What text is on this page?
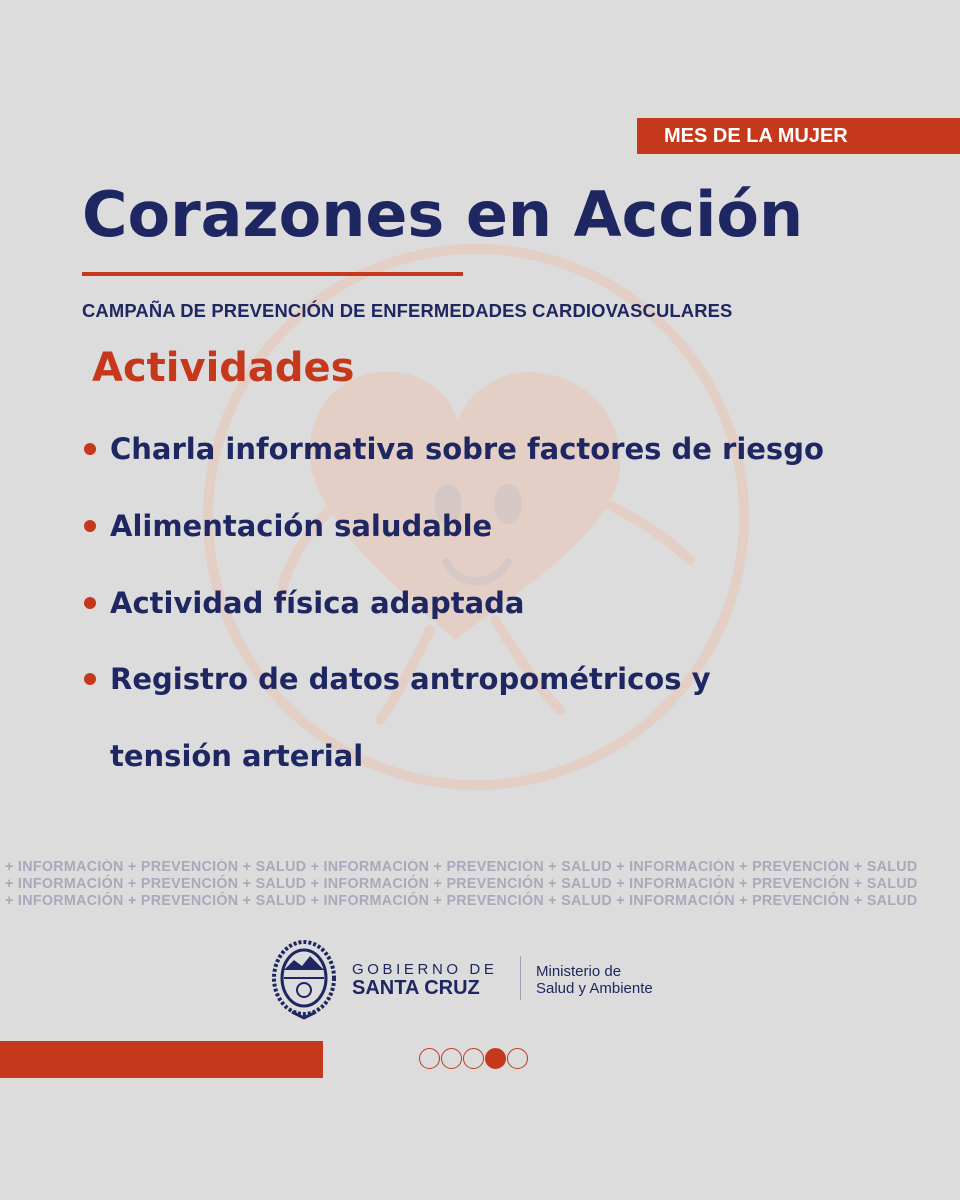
MES DE LA MUJER
Corazones en Acción
CAMPAÑA DE PREVENCIÓN DE ENFERMEDADES CARDIOVASCULARES
Actividades
Charla informativa sobre factores de riesgo
Alimentación saludable
Actividad física adaptada
Registro de datos antropométricos y
tensión arterial
+ INFORMACIÓN + PREVENCIÓN + SALUD + INFORMACIÓN + PREVENCIÓN + SALUD + INFORMACIÓN + PREVENCIÓN + SALUD
+ INFORMACIÓN + PREVENCIÓN + SALUD + INFORMACIÓN + PREVENCIÓN + SALUD + INFORMACIÓN + PREVENCIÓN + SALUD
+ INFORMACIÓN + PREVENCIÓN + SALUD + INFORMACIÓN + PREVENCIÓN + SALUD + INFORMACIÓN + PREVENCIÓN + SALUD
GOBIERNO DE
SANTA CRUZ
Ministerio de
Salud y Ambiente
